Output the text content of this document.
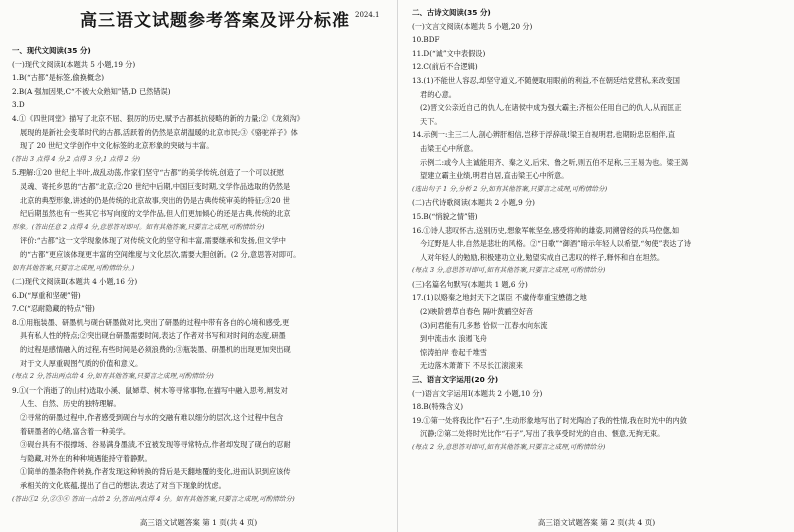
高三语文试题参考答案及评分标准 2024.1
一、现代文阅读(35 分)
(一)现代文阅读Ⅰ(本题共 5 小题,19 分)
1.B(“古都”是标签,偷换概念)
2.B(A 强加因果,C“不被大众熟知”错,D 已然错误)
3.D
4.①《四世同堂》描写了北京不屈、狠厉的历史,赋予古都抵抗侵略的新的力量;②《龙须沟》
展现的是新社会变革时代的古都,活跃着的仍然是京胡温暖的北京市民;③《骆驼祥子》体
现了 20 世纪文学创作中文化标签的北京形象的突破与丰富。
(答出 3 点得 4 分,2 点得 3 分,1 点得 2 分)
5.理解:①20 世纪上半叶,战乱动荡,作家们坚守“古都”的美学传统,创造了一个可以抚慰
灵魂、寄托乡思的“古都”北京;②20 世纪中后期,中国巨变时期,文学作品选取的仍然是
北京的典型形象,讲述的仍是传统的北京故事,突出的仍是古典传统审美的特征;③20 世
纪后期虽然也有一些其它书写向度的文学作品,但人们更加倾心的还是古典,传统的北京
形象。(答出任意 2 点得 4 分,意思答对即可。如有其他答案,只要言之成理,可酌情给分)
评价:“古都”这一文学现象体现了对传统文化的坚守和丰富,需要继承和发扬,但文学中
的“古都”更应该体现更丰富的空间维度与文化层次,需要大胆创新。(2 分,意思答对即可。
如有其他答案,只要言之成理,可酌情给分。)
(二)现代文阅读Ⅱ(本题共 4 小题,16 分)
6.D(“厚重和坚硬”错)
7.C(“忍耐隐藏的特点”错)
8.①用瓶装墨、研墨机与砚台研墨做对比,突出了研墨的过程中带有各自的心境和感受,更
具有私人性的特点;②突出砚台研墨需要时间,表达了作者对书写和对时间的态度,研墨
的过程是感情融入的过程,有些时间是必须浪费的;③瓶装墨、研墨机的出现更加突出砚
对于文人厚重砚图气质的价值和意义。
(每点 2 分,答出两点给 4 分,如有其他答案,只要言之成理,可酌情给分)
9.①(一个消逝了的山村)选取小溪、鼠婦草、树木等寻常事物,在描写中融入思考,闸发对
人生、自然、历史的独特理解。
②寻常的研墨过程中,作者感受到砚台与水的交融有难以细分的层次,这个过程中包含
着研墨者的心绪,富含着一种美学。
③砚台具有不很撑场、谷易满身墨渍,不宜被发现等寻常特点,作者却发现了砚台的忍耐
与隐藏,对外在的种种境遇能持守着静默。
①简单的墨条物件转换,作者发现这种转换的背后是天翻地覆的变化,进而认识到应该传
承相关的文化底蕴,提出了自己的想法,表达了对当下现象的忧虑。
(答出①2 分,②③④ 答出一点给 2 分,答出两点得 4 分。如有其他答案,只要言之成理,可酌情给分)
高三语文试题答案 第 1 页(共 4 页)
二、古诗文阅读(35 分)
(一)文言文阅读(本题共 5 小题,20 分)
10.BDF
11.D(“诚”文中表假设)
12.C(前后不合逻辑)
13.(1)不能世人容忍,却坚守道义,不随便取用眼前的利益,不在朝廷结党营私,来改变国
君的心意。
(2)晋文公亲近自己的仇人,在诸侯中成为强大霸主;齐桓公任用自己的仇人,从而匡正
天下。
14.示例一:主三二人,剖心辨肝相信,岂移于浮辞哉!梁王自视明君,也期盼忠臣相伴,直
击梁王心中所意。
示例二:或今人主诚能用齐、秦之义,后宋、鲁之听,则五伯不足称,三王易为也。梁王渴
望建立霸主业绩,明君自居,直击梁王心中所意。
(选出句子 1 分,分析 2 分,如有其他答案,只要言之成理,可酌情给分)
(二)古代诗歌阅读(本题共 2 小题,9 分)
15.B(“悄貌之情”错)
16.①诗人悲叹怀古,送别历史,想象军帐坚垒,感受将帅的雄姿,同溯曾经的兵马倥偬,如
今辽野是人非,自然是悲壮的风格。②“日歌”“御酒”暗示年轻人以希望,“匆使”表达了诗
人对年轻人的勉励,积极建功立业,勉望实成自己悲叹的样子,释怀和自在坦然。
(每点 3 分,意思答对即可,如有其他答案,只要言之成理,可酌情给分)
(三)名篇名句默写(本题共 1 题,6 分)
17.(1)以赂秦之地封天下之谋臣 不虞侍奉重宝懋德之地
(2)映阶碧草自春色 隔叶黄鹂空好音
(3)问君能有几多愁 恰似一江春水向东流
到中流击水 浪遏飞舟
惊涛拍岸 卷起千堆雪
无边落木萧萧下 不尽长江滚滚来
三、语言文字运用(20 分)
(一)语言文字运用Ⅰ(本题共 2 小题,10 分)
18.B(特殊含义)
19.①第一处将我比作“石子”,生动形象地写出了时光陶冶了我的性情,我在时光中的内敛
沉静;②第二处将时光比作“石子”,写出了我享受时光的自由、惬意,无拘无束。
(每点 2 分,意思答对即可,如有其他答案,只要言之成理,可酌情给分)
高三语文试题答案 第 2 页(共 4 页)
